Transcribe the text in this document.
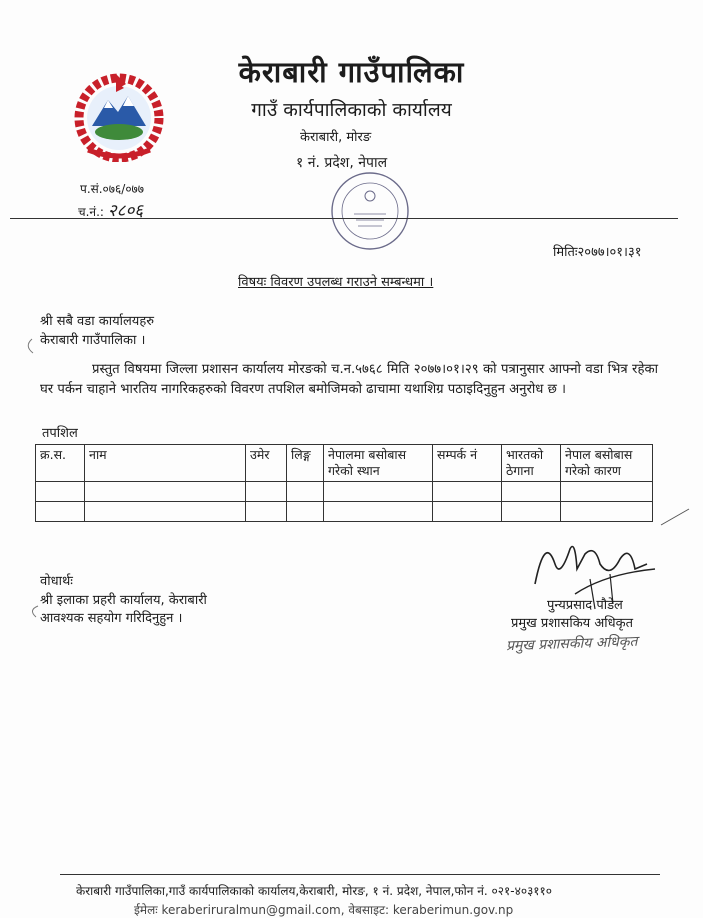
केराबारी गाउँपालिका
गाउँ कार्यपालिकाको कार्यालय
केराबारी, मोरङ
१ नं. प्रदेश, नेपाल
प.सं.०७६/०७७
च.नं.: २८०६
मितिः२०७७।०१।३१
विषयः विवरण उपलब्ध गराउने सम्बन्धमा ।
श्री सबै वडा कार्यालयहरु
केराबारी गाउँपालिका ।
प्रस्तुत विषयमा जिल्ला प्रशासन कार्यालय मोरङको च.न.५७६८ मिति २०७७।०१।२९ को पत्रानुसार आफ्नो वडा भित्र रहेका घर पर्कन चाहाने भारतिय नागरिकहरुको विवरण तपशिल बमोजिमको ढाचामा यथाशिग्र पठाइदिनुहुन अनुरोध छ ।
तपशिल
क्र.स.	नाम	उमेर	लिङ्ग	नेपालमा बसोबास गरेको स्थान	सम्पर्क नं	भारतको ठेगाना	नेपाल बसोबास गरेको कारण

वोधार्थः
श्री इलाका प्रहरी कार्यालय, केराबारी
आवश्यक सहयोग गरिदिनुहुन ।
पुन्यप्रसाद पौडेल
प्रमुख प्रशासकिय अधिकृत
प्रमुख प्रशासकीय अधिकृत
केराबारी गाउँपालिका,गाउँ कार्यपालिकाको कार्यालय,केराबारी, मोरङ, १ नं. प्रदेश, नेपाल,फोन नं. ०२१-४०३११०
ईमेलः keraberiruralmun@gmail.com, वेबसाइट: keraberimun.gov.np
